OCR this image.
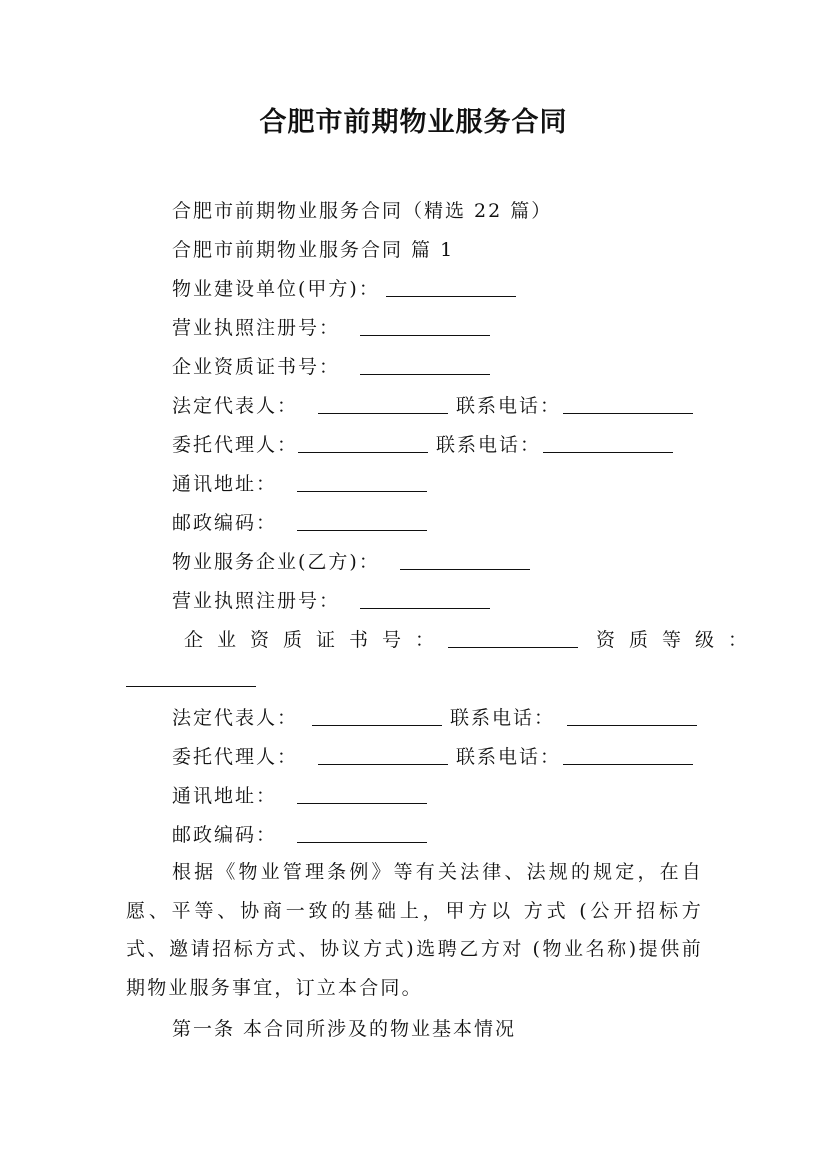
合肥市前期物业服务合同
合肥市前期物业服务合同（精选 22 篇）
合肥市前期物业服务合同 篇 1
物业建设单位(甲方)：
营业执照注册号：
企业资质证书号：
法定代表人：	联系电话：
委托代理人：	联系电话：
通讯地址：
邮政编码：
物业服务企业(乙方)：
营业执照注册号：
企业资质证书号：	资质等级：
法定代表人：	联系电话：
委托代理人：	联系电话：
通讯地址：
邮政编码：
根据《物业管理条例》等有关法律、法规的规定，在自愿、平等、协商一致的基础上，甲方以 方式 (公开招标方式、邀请招标方式、协议方式)选聘乙方对 (物业名称)提供前期物业服务事宜，订立本合同。
第一条 本合同所涉及的物业基本情况
